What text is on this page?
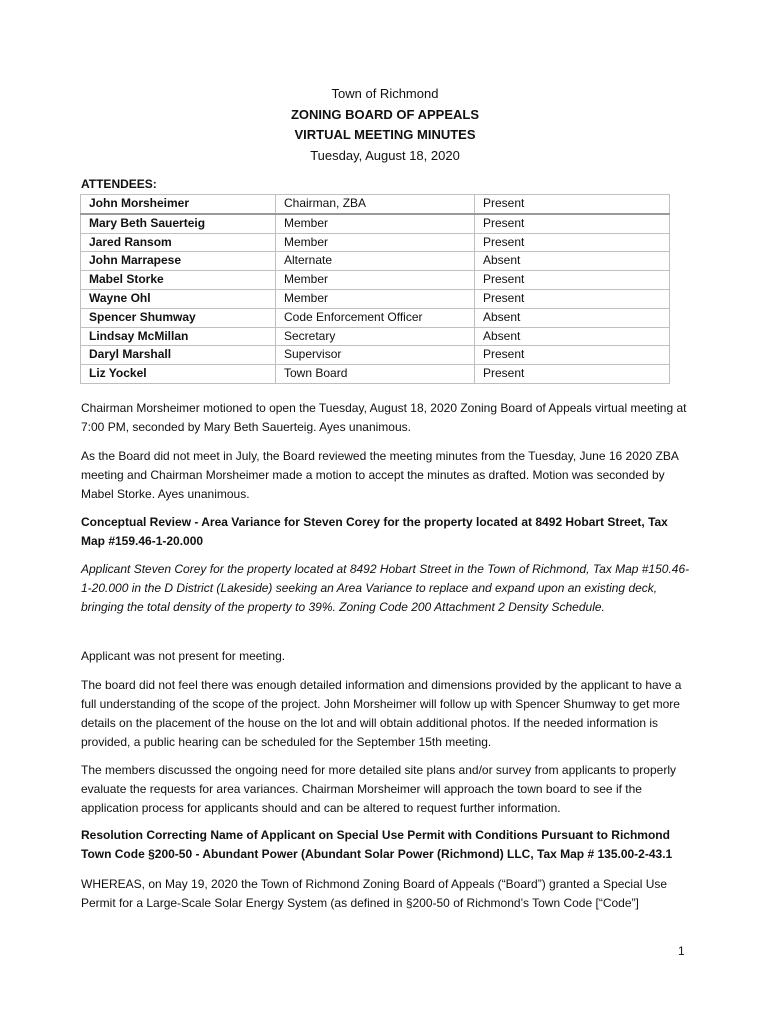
Town of Richmond
ZONING BOARD OF APPEALS
VIRTUAL MEETING MINUTES
Tuesday, August 18, 2020
ATTENDEES:
John Morsheimer	Chairman, ZBA	Present
Mary Beth Sauerteig	Member	Present
Jared Ransom	Member	Present
John Marrapese	Alternate	Absent
Mabel Storke	Member	Present
Wayne Ohl	Member	Present
Spencer Shumway	Code Enforcement Officer	Absent
Lindsay McMillan	Secretary	Absent
Daryl Marshall	Supervisor	Present
Liz Yockel	Town Board	Present

Chairman Morsheimer motioned to open the Tuesday, August 18, 2020 Zoning Board of Appeals virtual meeting at 7:00 PM, seconded by Mary Beth Sauerteig. Ayes unanimous.

As the Board did not meet in July, the Board reviewed the meeting minutes from the Tuesday, June 16 2020 ZBA meeting and Chairman Morsheimer made a motion to accept the minutes as drafted. Motion was seconded by Mabel Storke. Ayes unanimous.

Conceptual Review - Area Variance for Steven Corey for the property located at 8492 Hobart Street, Tax Map #159.46-1-20.000

Applicant Steven Corey for the property located at 8492 Hobart Street in the Town of Richmond, Tax Map #150.46-1-20.000 in the D District (Lakeside) seeking an Area Variance to replace and expand upon an existing deck, bringing the total density of the property to 39%. Zoning Code 200 Attachment 2 Density Schedule.

Applicant was not present for meeting.

The board did not feel there was enough detailed information and dimensions provided by the applicant to have a full understanding of the scope of the project. John Morsheimer will follow up with Spencer Shumway to get more details on the placement of the house on the lot and will obtain additional photos. If the needed information is provided, a public hearing can be scheduled for the September 15th meeting.

The members discussed the ongoing need for more detailed site plans and/or survey from applicants to properly evaluate the requests for area variances. Chairman Morsheimer will approach the town board to see if the application process for applicants should and can be altered to request further information.

Resolution Correcting Name of Applicant on Special Use Permit with Conditions Pursuant to Richmond Town Code §200-50 - Abundant Power (Abundant Solar Power (Richmond) LLC, Tax Map # 135.00-2-43.1

WHEREAS, on May 19, 2020 the Town of Richmond Zoning Board of Appeals (“Board”) granted a Special Use Permit for a Large-Scale Solar Energy System (as defined in §200-50 of Richmond’s Town Code [“Code”]

1
